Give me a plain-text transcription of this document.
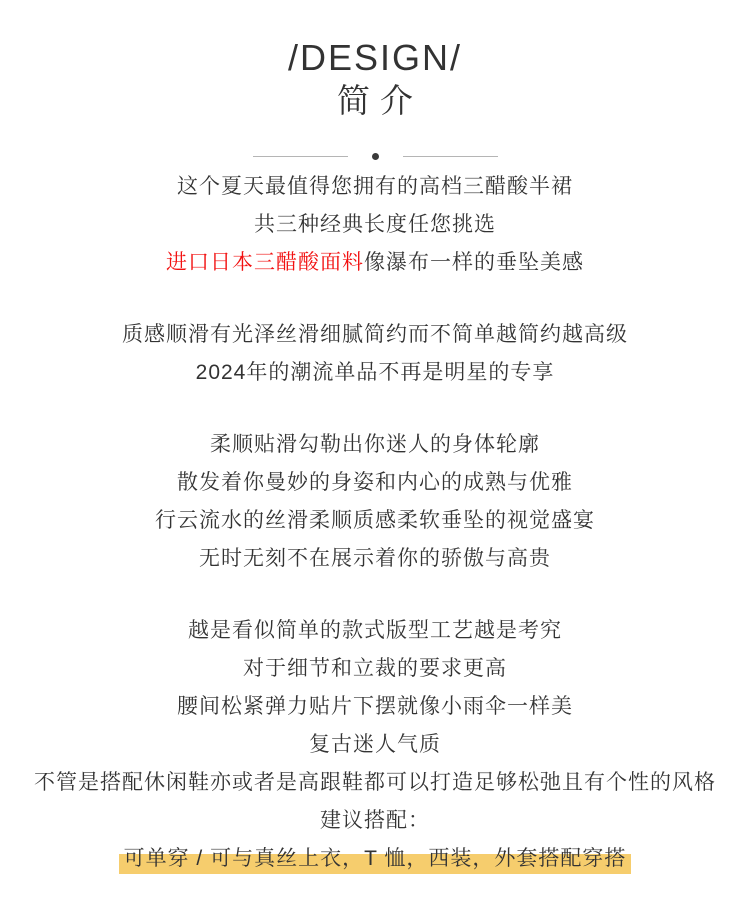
/DESIGN/
简介
这个夏天最值得您拥有的高档三醋酸半裙
共三种经典长度任您挑选
进口日本三醋酸面料像瀑布一样的垂坠美感
质感顺滑有光泽丝滑细腻简约而不简单越简约越高级
2024年的潮流单品不再是明星的专享
柔顺贴滑勾勒出你迷人的身体轮廓
散发着你曼妙的身姿和内心的成熟与优雅
行云流水的丝滑柔顺质感柔软垂坠的视觉盛宴
无时无刻不在展示着你的骄傲与高贵
越是看似简单的款式版型工艺越是考究
对于细节和立裁的要求更高
腰间松紧弹力贴片下摆就像小雨伞一样美
复古迷人气质
不管是搭配休闲鞋亦或者是高跟鞋都可以打造足够松弛且有个性的风格
建议搭配：
可单穿 / 可与真丝上衣，T 恤，西装，外套搭配穿搭
